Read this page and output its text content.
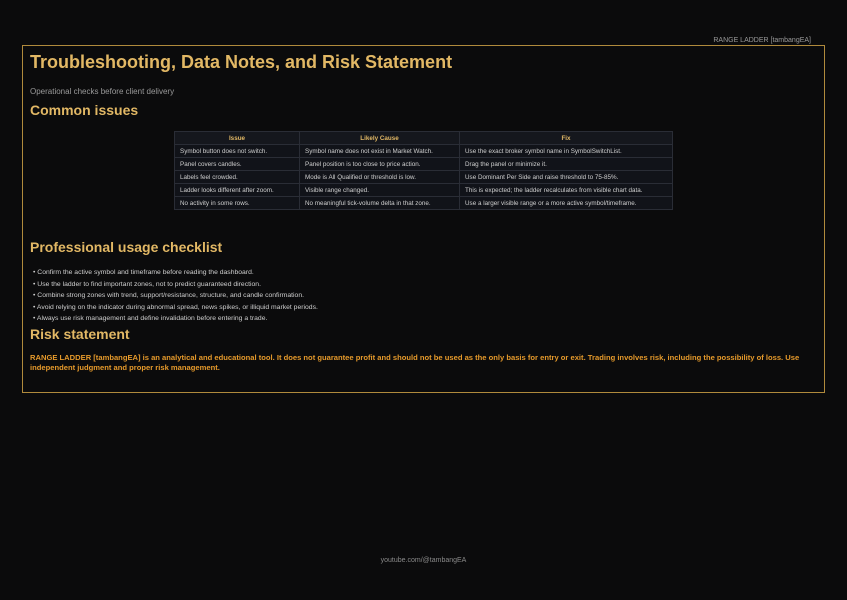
RANGE LADDER [tambangEA]
Troubleshooting, Data Notes, and Risk Statement
Operational checks before client delivery
Common issues
Issue	Likely Cause	Fix
Symbol button does not switch.	Symbol name does not exist in Market Watch.	Use the exact broker symbol name in SymbolSwitchList.
Panel covers candles.	Panel position is too close to price action.	Drag the panel or minimize it.
Labels feel crowded.	Mode is All Qualified or threshold is low.	Use Dominant Per Side and raise threshold to 75-85%.
Ladder looks different after zoom.	Visible range changed.	This is expected; the ladder recalculates from visible chart data.
No activity in some rows.	No meaningful tick-volume delta in that zone.	Use a larger visible range or a more active symbol/timeframe.
Professional usage checklist
• Confirm the active symbol and timeframe before reading the dashboard.
• Use the ladder to find important zones, not to predict guaranteed direction.
• Combine strong zones with trend, support/resistance, structure, and candle confirmation.
• Avoid relying on the indicator during abnormal spread, news spikes, or illiquid market periods.
• Always use risk management and define invalidation before entering a trade.
Risk statement

RANGE LADDER [tambangEA] is an analytical and educational tool. It does not guarantee profit and should not be used as the only basis for entry or exit. Trading involves risk, including the possibility of loss. Use independent judgment and proper risk management.

youtube.com/@tambangEA
